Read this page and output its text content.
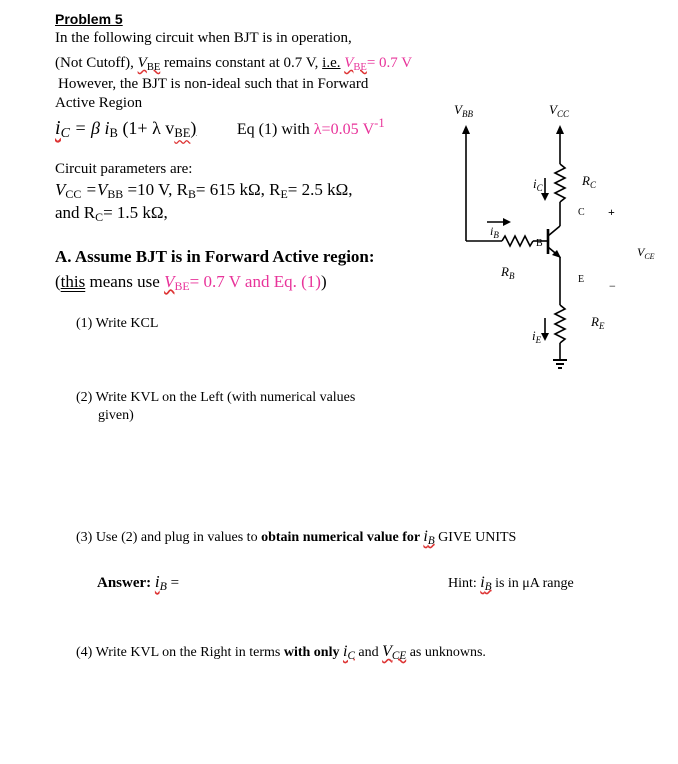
Problem 5
In the following circuit when BJT is in operation,
(Not Cutoff), $V_{BE}$ remains constant at 0.7 V, i.e. $V_{BE}= 0.7$ V
However, the BJT is non-ideal such that in Forward
Active Region
$i_C = \beta$ $i_B$ (1+ λ $v_{BE}$)	Eq (1) with λ=0.05 $V^{-1}$
Circuit parameters are:
$V_{CC} =V_{BB} =10$ V, $R_B= 615$ kΩ, $R_E= 2.5$ kΩ,
and $R_C= 1.5$ kΩ,
A. Assume BJT is in Forward Active region:
(this means use $V_{BE}= 0.7$ V and Eq. (1))
(1) Write KCL
(2) Write KVL on the Left (with numerical values
given)
(3) Use (2) and plug in values to obtain numerical value for $i_B$ GIVE UNITS
Answer: $i_B$ =	Hint: $i_B$ is in μA range
(4) Write KVL on the Right in terms with only $i_C$ and $V_{CE}$ as unknowns.
$V_{BB}$	$V_{CC}$
$i_C$	$R_C$
C +
$i_B$
B
$V_{CE}$
$R_B$	E −
$R_E$
$i_E$
